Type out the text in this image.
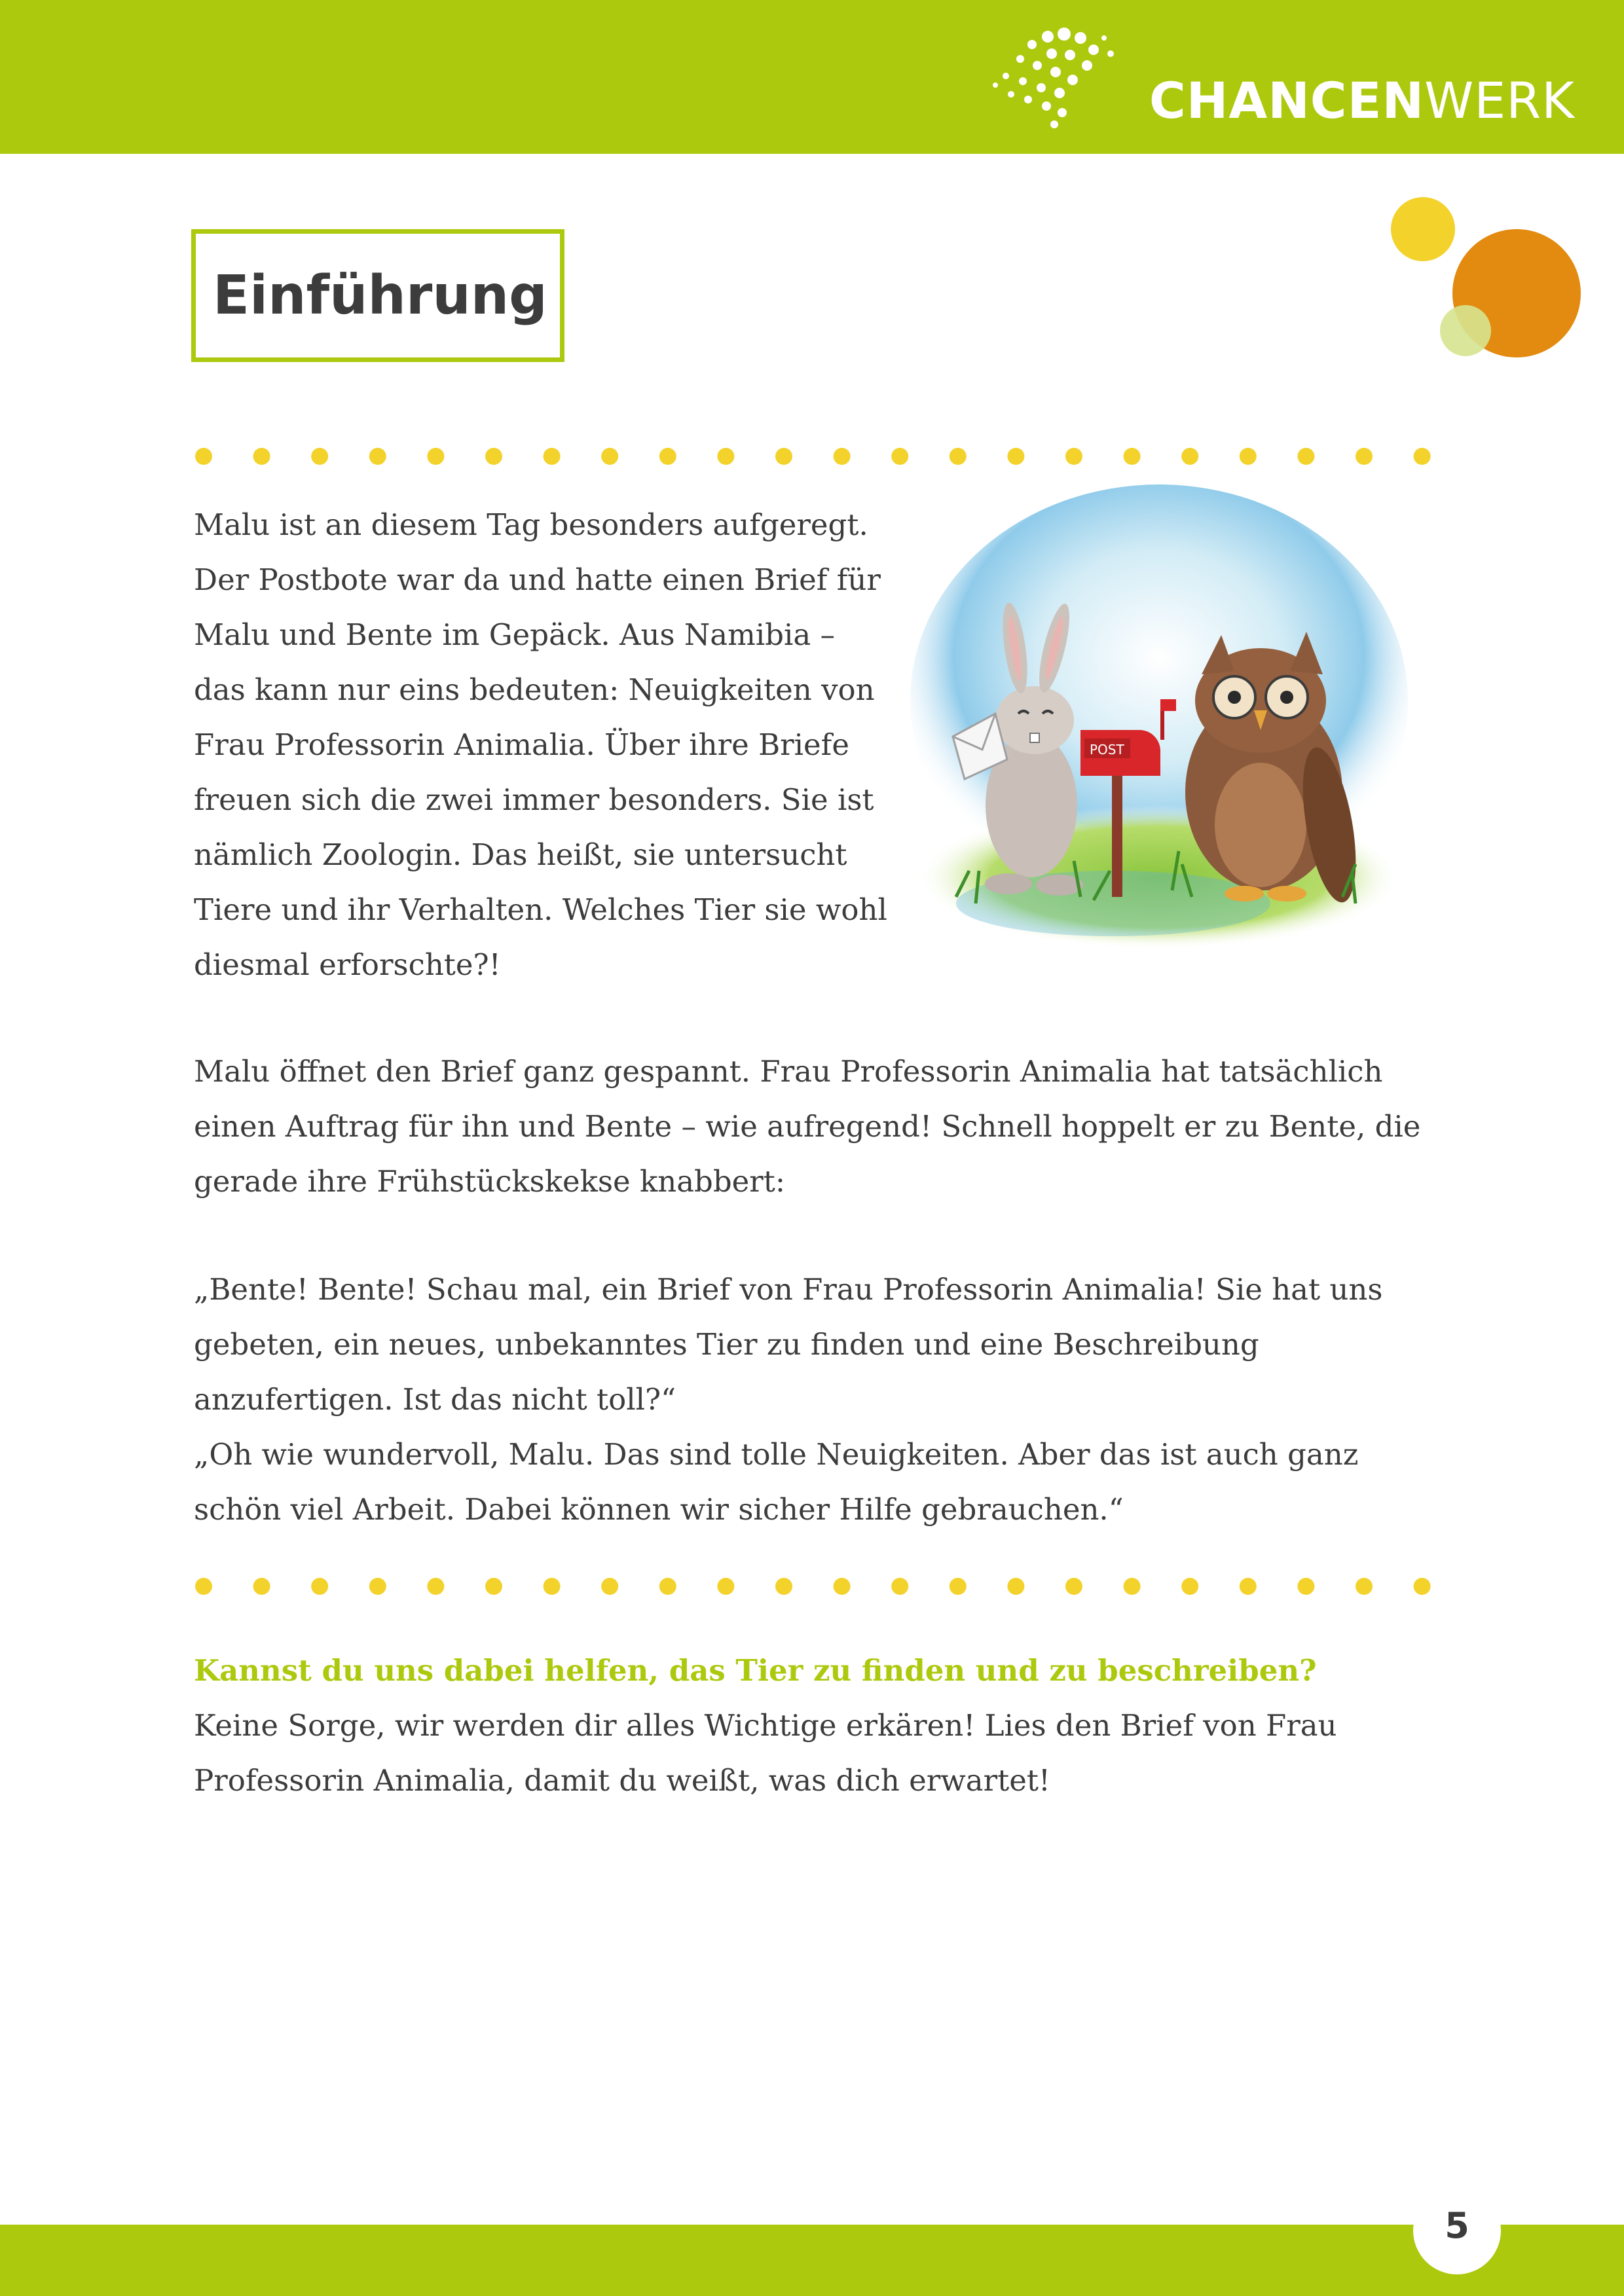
CHANCENWERK
Einführung

Malu ist an diesem Tag besonders aufgeregt. Der Postbote war da und hatte einen Brief für Malu und Bente im Gepäck. Aus Namibia – das kann nur eins bedeuten: Neuigkeiten von Frau Professorin Animalia. Über ihre Briefe freuen sich die zwei immer besonders. Sie ist nämlich Zoologin. Das heißt, sie untersucht Tiere und ihr Verhalten. Welches Tier sie wohl diesmal erforschte?!

POST

Malu öffnet den Brief ganz gespannt. Frau Professorin Animalia hat tatsächlich einen Auftrag für ihn und Bente – wie aufregend! Schnell hoppelt er zu Bente, die gerade ihre Frühstückskekse knabbert:

„Bente! Bente! Schau mal, ein Brief von Frau Professorin Animalia! Sie hat uns gebeten, ein neues, unbekanntes Tier zu finden und eine Beschreibung anzufertigen. Ist das nicht toll?“

„Oh wie wundervoll, Malu. Das sind tolle Neuigkeiten. Aber das ist auch ganz schön viel Arbeit. Dabei können wir sicher Hilfe gebrauchen.“

Kannst du uns dabei helfen, das Tier zu finden und zu beschreiben?

Keine Sorge, wir werden dir alles Wichtige erkären! Lies den Brief von Frau Professorin Animalia, damit du weißt, was dich erwartet!

5
